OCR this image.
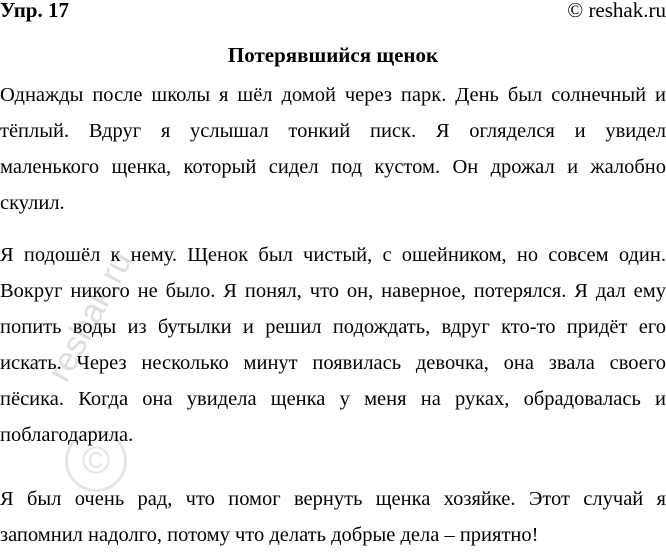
Упр. 17	© reshak.ru
Потерявшийся щенок
reshak.ru
©
Однажды после школы я шёл домой через парк. День был солнечный и
тёплый. Вдруг я услышал тонкий писк. Я огляделся и увидел
маленького щенка, который сидел под кустом. Он дрожал и жалобно
скулил.
Я подошёл к нему. Щенок был чистый, с ошейником, но совсем один.
Вокруг никого не было. Я понял, что он, наверное, потерялся. Я дал ему
попить воды из бутылки и решил подождать, вдруг кто-то придёт его
искать. Через несколько минут появилась девочка, она звала своего
пёсика. Когда она увидела щенка у меня на руках, обрадовалась и
поблагодарила.
Я был очень рад, что помог вернуть щенка хозяйке. Этот случай я
запомнил надолго, потому что делать добрые дела – приятно!
